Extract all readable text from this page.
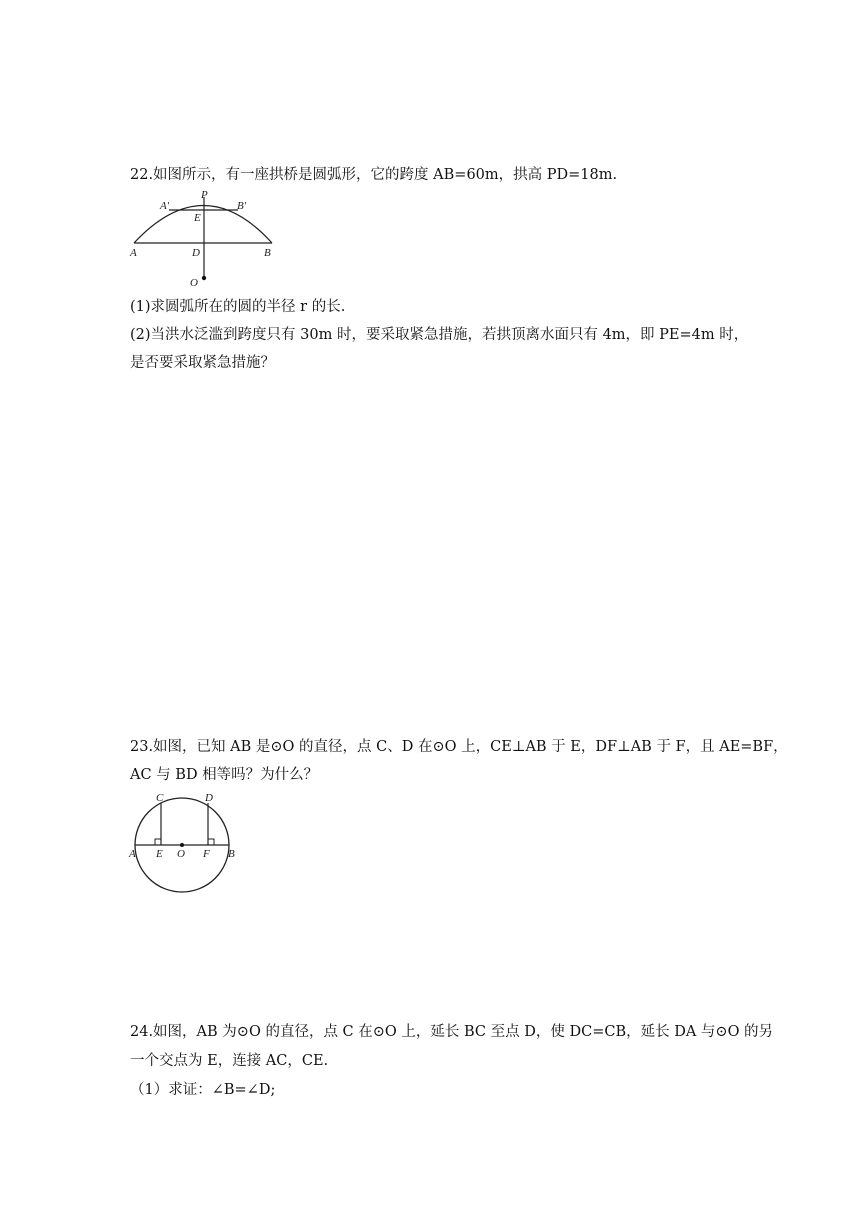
22.如图所示，有一座拱桥是圆弧形，它的跨度 AB=60m，拱高 PD=18m.
P
A′	B′
E
A	D	B
O
(1)求圆弧所在的圆的半径 r 的长.
(2)当洪水泛滥到跨度只有 30m 时，要采取紧急措施，若拱顶离水面只有 4m，即 PE=4m 时，
是否要采取紧急措施？
23.如图，已知 AB 是⊙O 的直径，点 C、D 在⊙O 上，CE⊥AB 于 E，DF⊥AB 于 F，且 AE=BF，
AC 与 BD 相等吗？为什么？
C	D
A E O F B
24.如图，AB 为⊙O 的直径，点 C 在⊙O 上，延长 BC 至点 D，使 DC=CB，延长 DA 与⊙O 的另
一个交点为 E，连接 AC，CE.
（1）求证：∠B=∠D;
